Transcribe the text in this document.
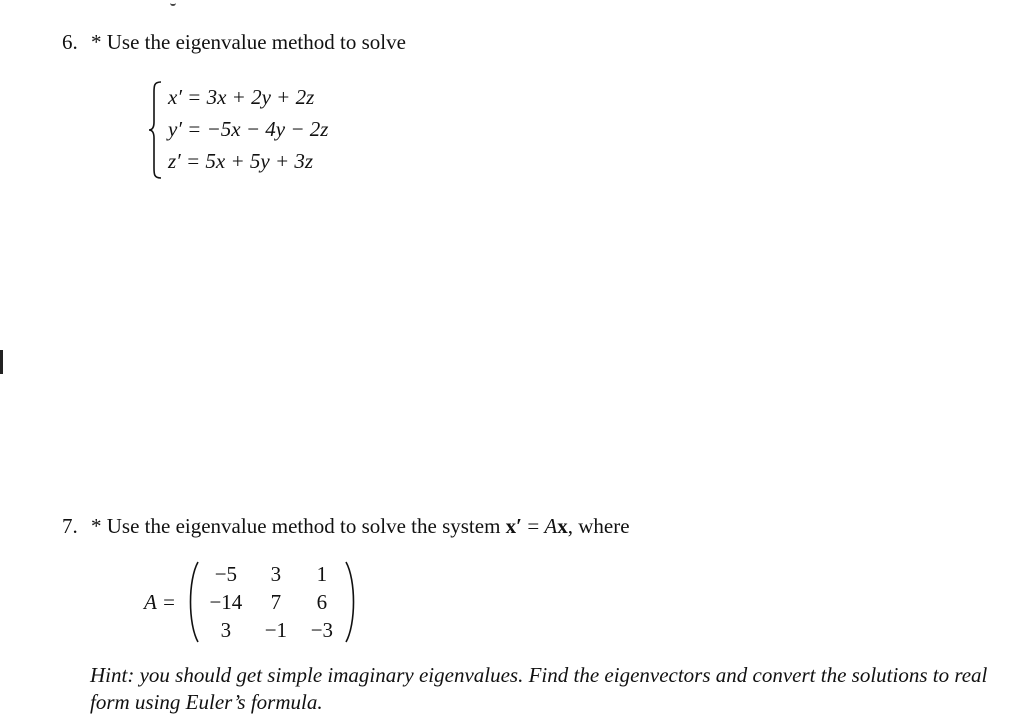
6. * Use the eigenvalue method to solve
x′ = 3x + 2y + 2z
y′ = −5x − 4y − 2z
z′ = 5x + 5y + 3z
7. * Use the eigenvalue method to solve the system x′ = Ax, where
A =
−5 3 1
−14 7 6
3 −1 −3
Hint: you should get simple imaginary eigenvalues. Find the eigenvectors and convert the solutions to real form using Euler’s formula.
